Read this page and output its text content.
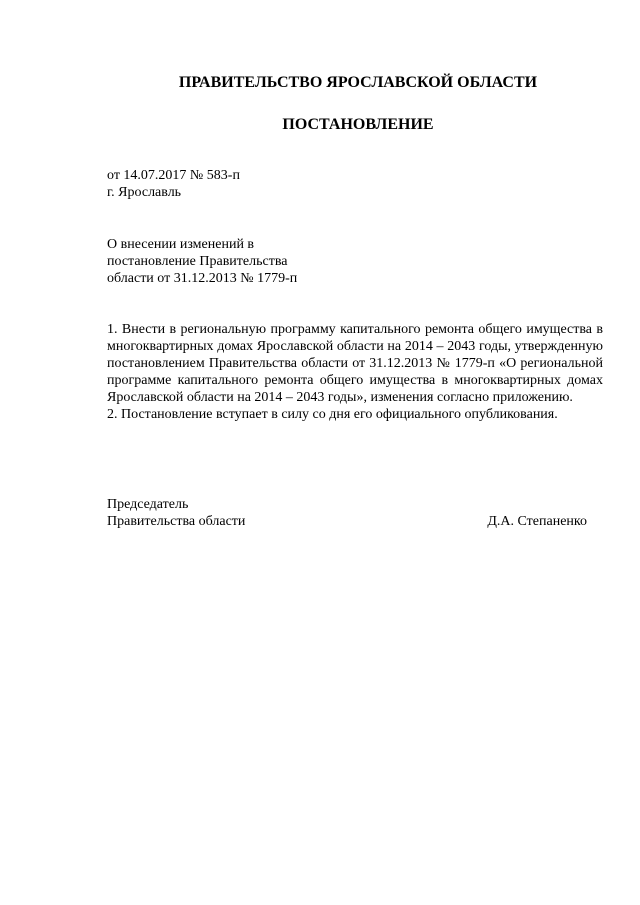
ПРАВИТЕЛЬСТВО ЯРОСЛАВСКОЙ ОБЛАСТИ
ПОСТАНОВЛЕНИЕ
от 14.07.2017 № 583-п
г. Ярославль
О внесении изменений в
постановление Правительства
области от 31.12.2013 № 1779-п

1. Внести в региональную программу капитального ремонта общего имущества в многоквартирных домах Ярославской области на 2014 – 2043 годы, утвержденную постановлением Правительства области от 31.12.2013 № 1779-п «О региональной программе капитального ремонта общего имущества в многоквартирных домах Ярославской области на 2014 – 2043 годы», изменения согласно приложению.

2. Постановление вступает в силу со дня его официального опубликования.

Председатель
Правительства области	Д.А. Степаненко
